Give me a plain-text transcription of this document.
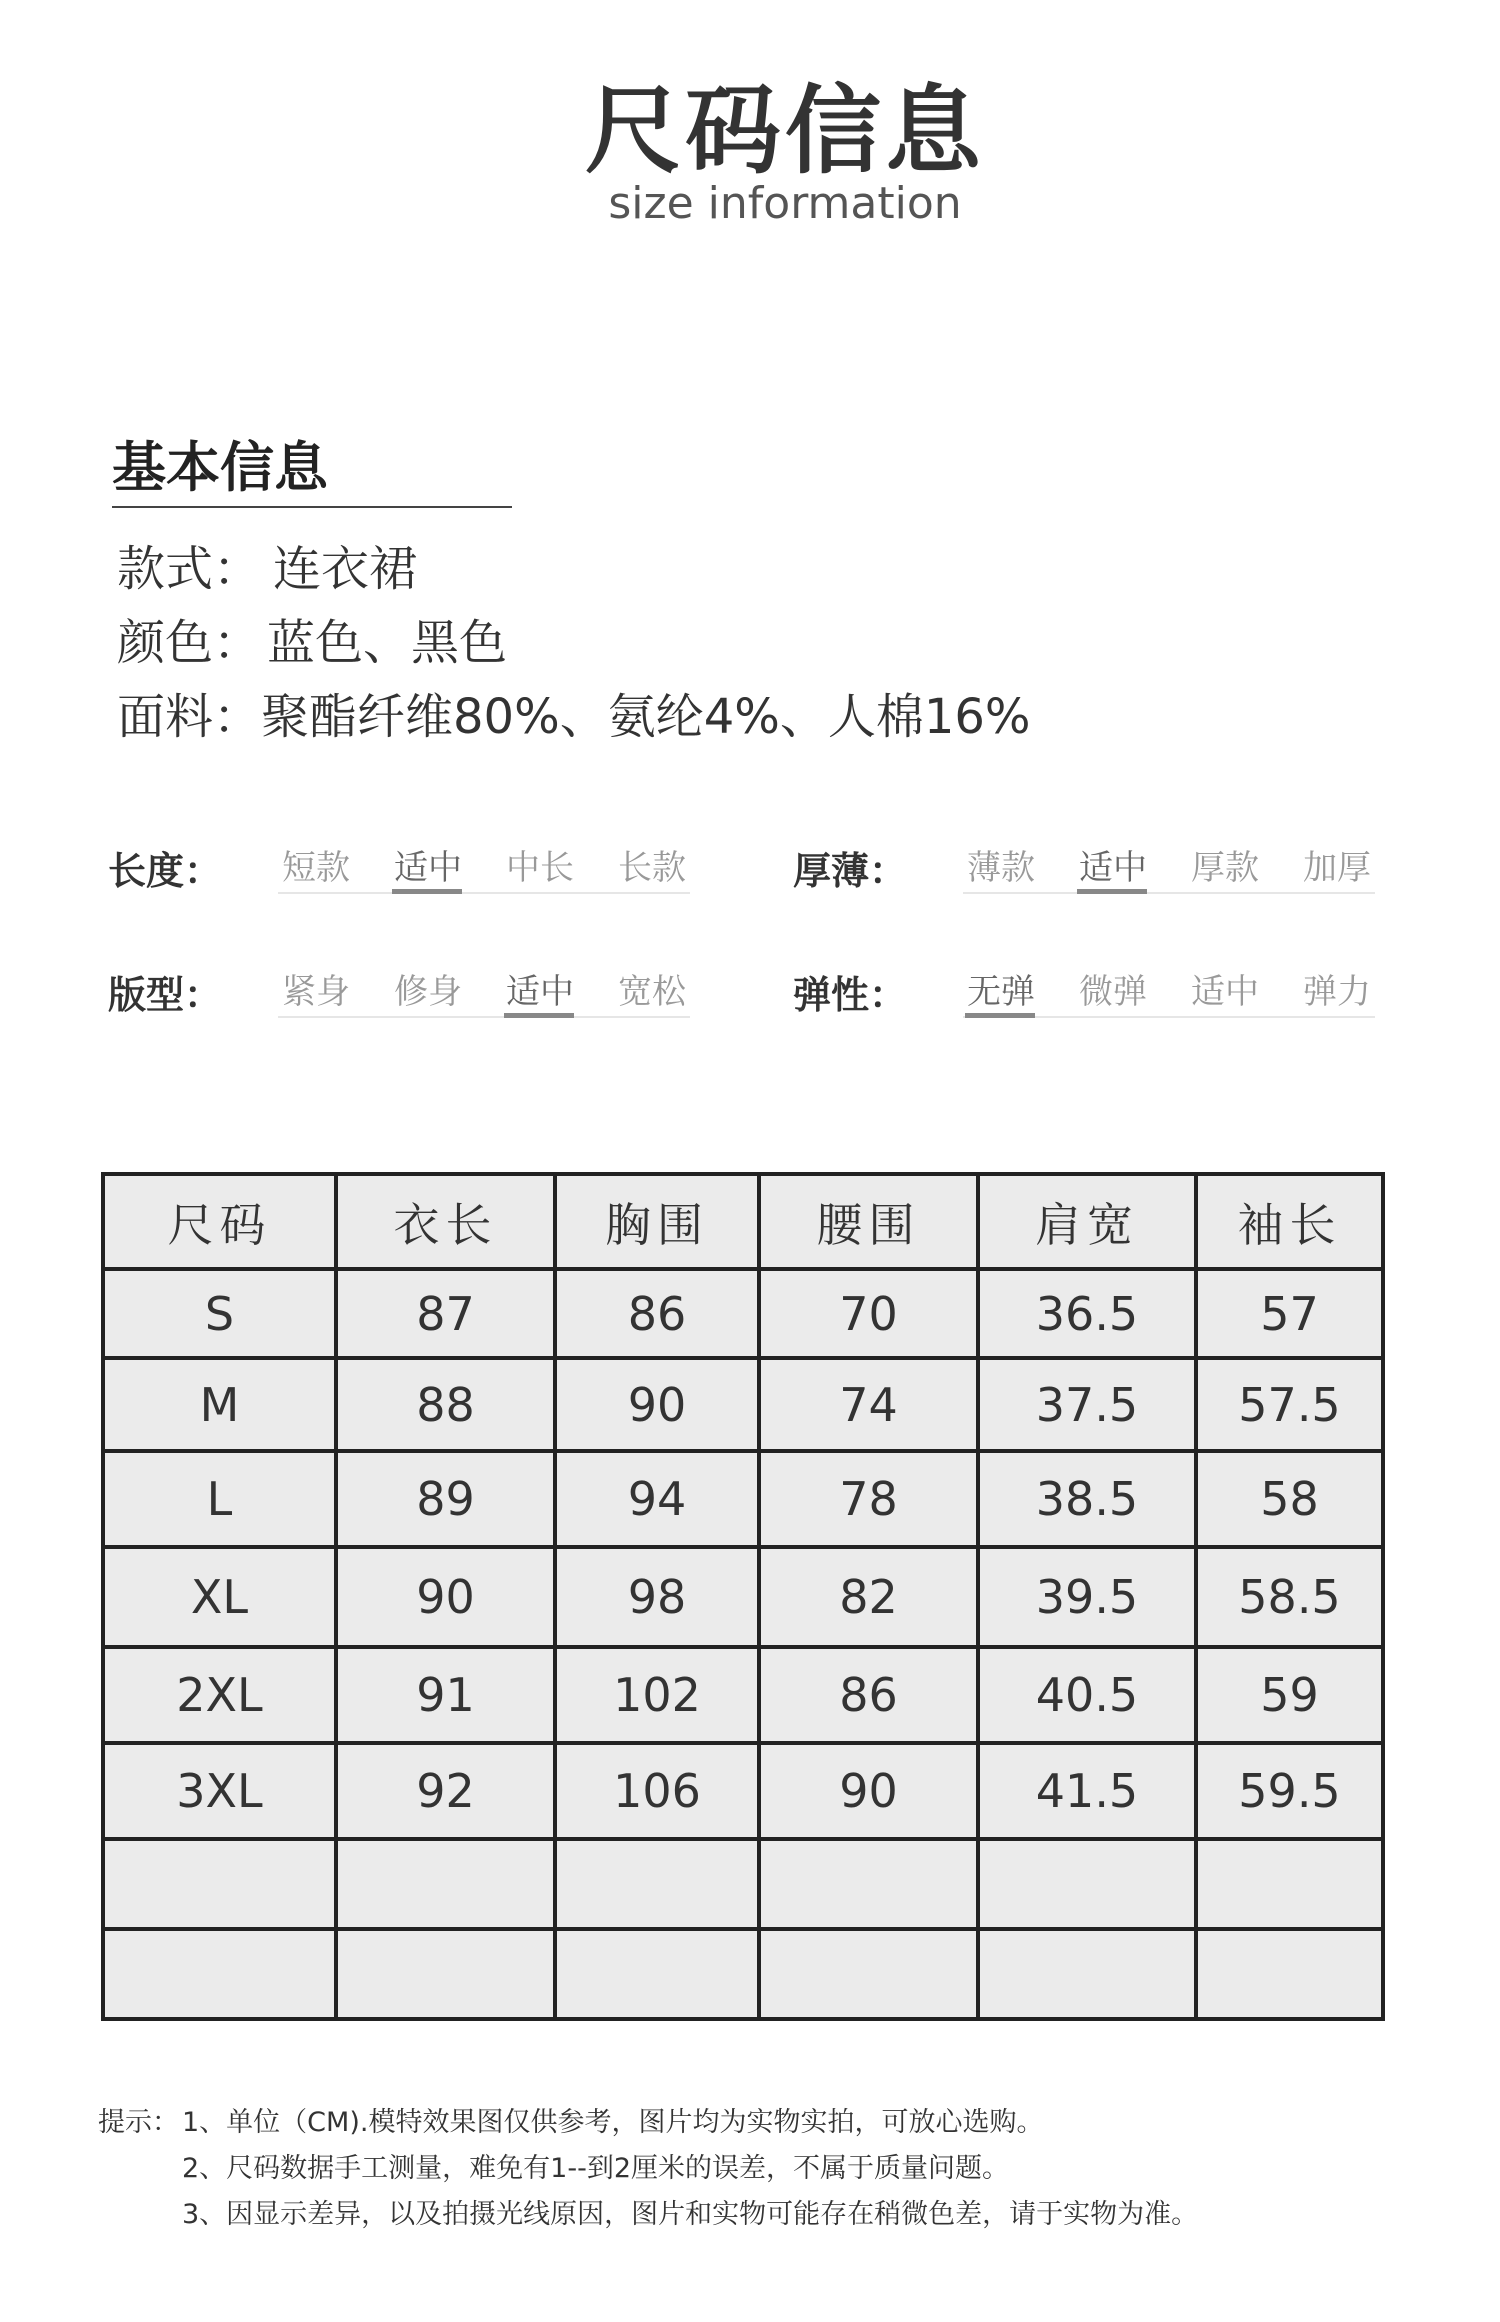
尺码信息
size information
基本信息
款式： 连衣裙
颜色： 蓝色、黑色
面料：聚酯纤维80%、氨纶4%、人棉16%
长度：	短款	适中	中长	长款	厚薄：	薄款	适中	厚款	加厚
版型：	紧身	修身	适中	宽松	弹性：	无弹	微弹	适中	弹力
尺码	衣长	胸围	腰围	肩宽	袖长
S	87	86	70	36.5	57
M	88	90	74	37.5	57.5
L	89	94	78	38.5	58
XL	90	98	82	39.5	58.5
2XL	91	102	86	40.5	59
3XL	92	106	90	41.5	59.5

提示： 1、单位（CM).模特效果图仅供参考，图片均为实物实拍，可放心选购。
2、尺码数据手工测量，难免有1--到2厘米的误差，不属于质量问题。
3、因显示差异，以及拍摄光线原因，图片和实物可能存在稍微色差，请于实物为准。
